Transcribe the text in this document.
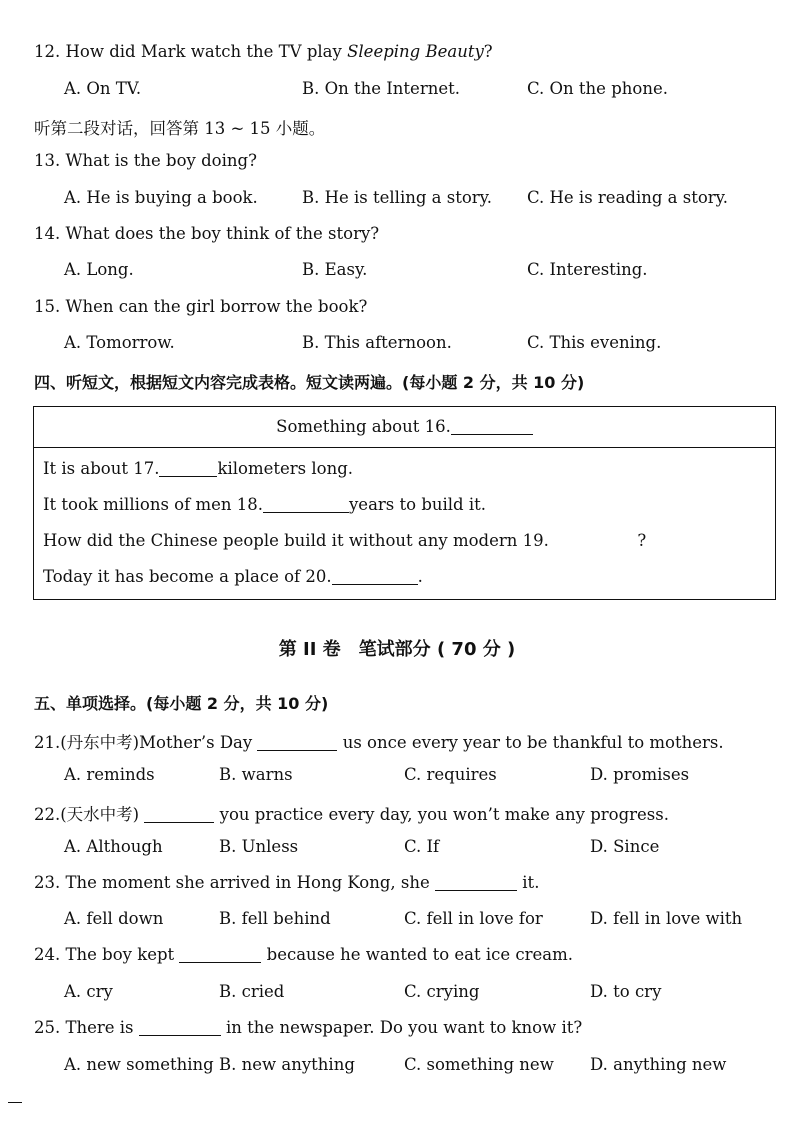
12. How did Mark watch the TV play Sleeping Beauty?
A. On TV.	B. On the Internet.	C. On the phone.
听第二段对话，回答第 13 ~ 15 小题。
13. What is the boy doing?
A. He is buying a book.	B. He is telling a story. C. He is reading a story.
14. What does the boy think of the story?
A. Long.	B. Easy.	C. Interesting.
15. When can the girl borrow the book?
A. Tomorrow.	B. This afternoon.	C. This evening.
四、听短文，根据短文内容完成表格。短文读两遍。(每小题 2 分，共 10 分)
Something about 16.
It is about 17.	kilometers long.
It took millions of men 18.	years to build it.
How did the Chinese people build it without any modern 19.	?
Today it has become a place of 20.	.
第 II 卷　笔试部分 ( 70 分 )
五、单项选择。(每小题 2 分，共 10 分)
21.(丹东中考)Mother’s Day	us once every year to be thankful to mothers.
A. reminds	B. warns	C. requires	D. promises
22.(天水中考)	you practice every day, you won’t make any progress.
A. Although	B. Unless	C. If	D. Since
23. The moment she arrived in Hong Kong, she	it.
A. fell down	B. fell behind	C. fell in love for	D. fell in love with
24. The boy kept	because he wanted to eat ice cream.
A. cry	B. cried	C. crying	D. to cry
25. There is	in the newspaper. Do you want to know it?
A. new something B. new anything	C. something new D. anything new
